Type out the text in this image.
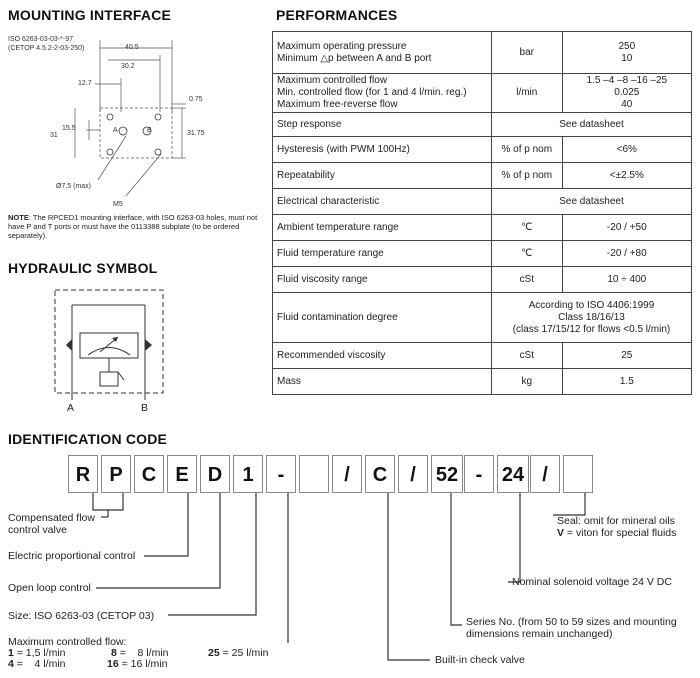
MOUNTING INTERFACE
ISO 6263-03-03-*-97
(CETOP 4.5.2-2-03-250)	40.5
30.2
12.7
0.75
15.5
31	31.75
Ø7.5 (max)
M5
A	B
NOTE: The RPCED1 mounting interface, with ISO 6263-03 holes, must not have P and T ports or must have the 0113388 subplate (to be ordered separately).
HYDRAULIC SYMBOL
A	B
PERFORMANCES
Maximum operating pressure
Minimum △p between A and B port	bar	250
10
Maximum controlled flow
Min. controlled flow (for 1 and 4 l/min. reg.)
Maximum free-reverse flow	l/min	1.5 –4 –8 –16 –25
0.025
40
Step response	See datasheet	
Hysteresis (with PWM 100Hz)	% of p nom	<6%
Repeatability	% of p nom	<±2.5%
Electrical characteristic	See datasheet	
Ambient temperature range	℃	-20 / +50
Fluid temperature range	℃	-20 / +80
Fluid viscosity range	cSt	10 ÷ 400
Fluid contamination degree	According to ISO 4406:1999
Class 18/16/13
(class 17/15/12 for flows <0.5 l/min)	
Recommended viscosity	cSt	25
Mass	kg	1.5
IDENTIFICATION CODE
R P C E D	1	-	/	C	/	52 - 24 /
Compensated flow
control valve
Electric proportional control
Open loop control
Size: ISO 6263-03 (CETOP 03)
Maximum controlled flow:
1 = 1,5 l/min
4 =    4 l/min
8 =    8 l/min
16 = 16 l/min
25 = 25 l/min
Seal: omit for mineral oils
V = viton for special fluids
Nominal solenoid voltage 24 V DC
Series No. (from 50 to 59 sizes and mounting
dimensions remain unchanged)
Built-in check valve
